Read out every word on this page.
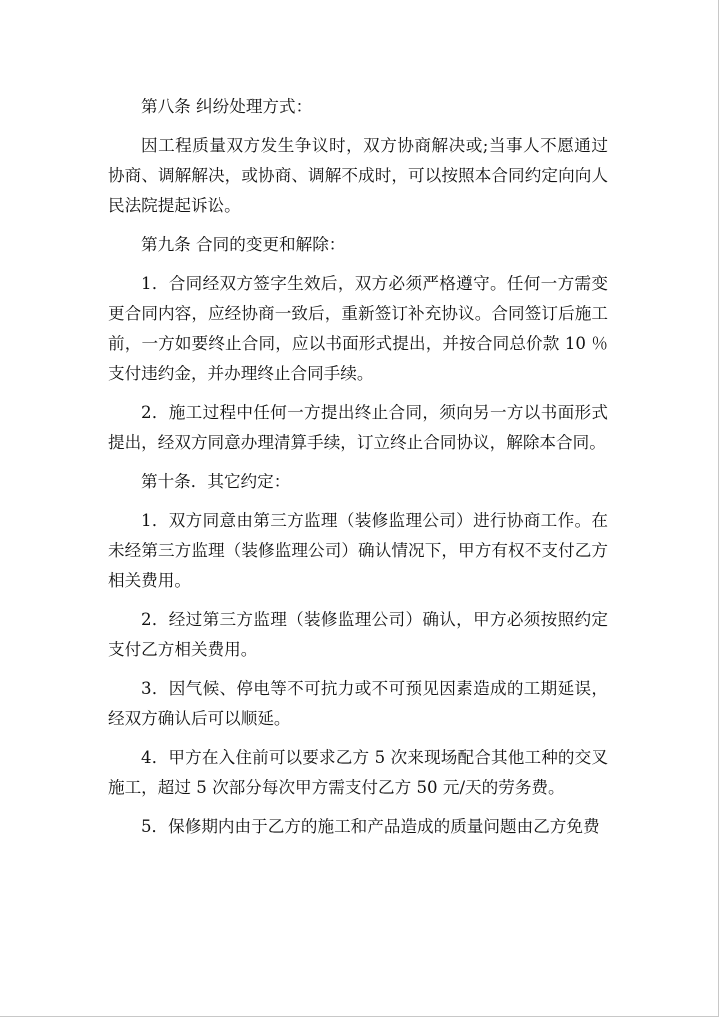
第八条 纠纷处理方式：

因工程质量双方发生争议时，双方协商解决或;当事人不愿通过协商、调解解决，或协商、调解不成时，可以按照本合同约定向向人民法院提起诉讼。

第九条 合同的变更和解除：

1．合同经双方签字生效后，双方必须严格遵守。任何一方需变更合同内容，应经协商一致后，重新签订补充协议。合同签订后施工前，一方如要终止合同，应以书面形式提出，并按合同总价款 10 ％支付违约金，并办理终止合同手续。

2．施工过程中任何一方提出终止合同，须向另一方以书面形式提出，经双方同意办理清算手续，订立终止合同协议，解除本合同。

第十条．其它约定：

1．双方同意由第三方监理（装修监理公司）进行协商工作。在未经第三方监理（装修监理公司）确认情况下，甲方有权不支付乙方相关费用。

2．经过第三方监理（装修监理公司）确认，甲方必须按照约定支付乙方相关费用。

3．因气候、停电等不可抗力或不可预见因素造成的工期延误，经双方确认后可以顺延。

4．甲方在入住前可以要求乙方 5 次来现场配合其他工种的交叉施工，超过 5 次部分每次甲方需支付乙方 50 元/天的劳务费。

5．保修期内由于乙方的施工和产品造成的质量问题由乙方免费
